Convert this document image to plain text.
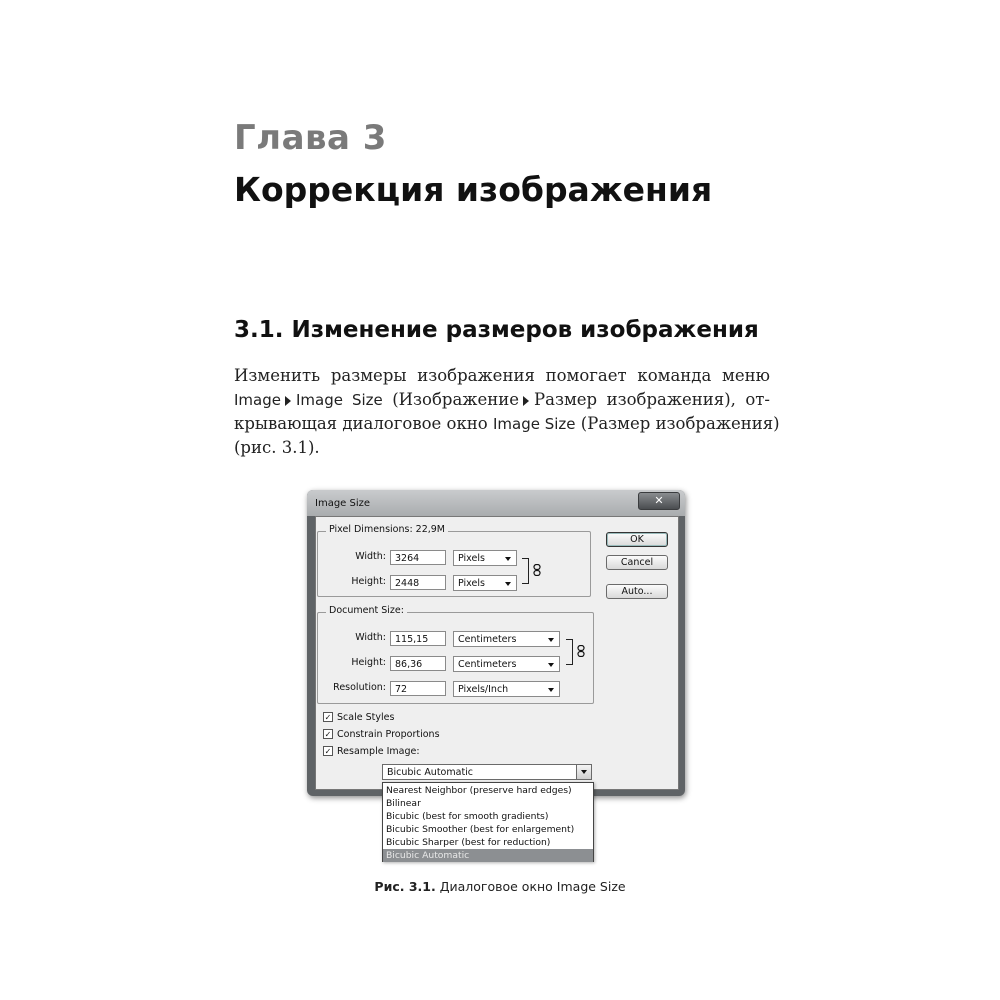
Глава 3
Коррекция изображения
3.1. Изменение размеров изображения
Изменить размеры изображения помогает команда меню
Image Image Size (Изображение Размер изображения), от-
крывающая диалоговое окно Image Size (Размер изображения)
(рис. 3.1).
Image Size	✕
Pixel Dimensions: 22,9M
Width: 3264	Pixels
Height: 2448	Pixels
Document Size:
Width: 115,15	Centimeters
Height: 86,36	Centimeters
Resolution: 72	Pixels/Inch
OK
Cancel
Auto...
✓ Scale Styles
✓ Constrain Proportions
✓ Resample Image:
Bicubic Automatic
Nearest Neighbor (preserve hard edges)
Bilinear
Bicubic (best for smooth gradients)
Bicubic Smoother (best for enlargement)
Bicubic Sharper (best for reduction)
Bicubic Automatic
Рис. 3.1. Диалоговое окно Image Size
